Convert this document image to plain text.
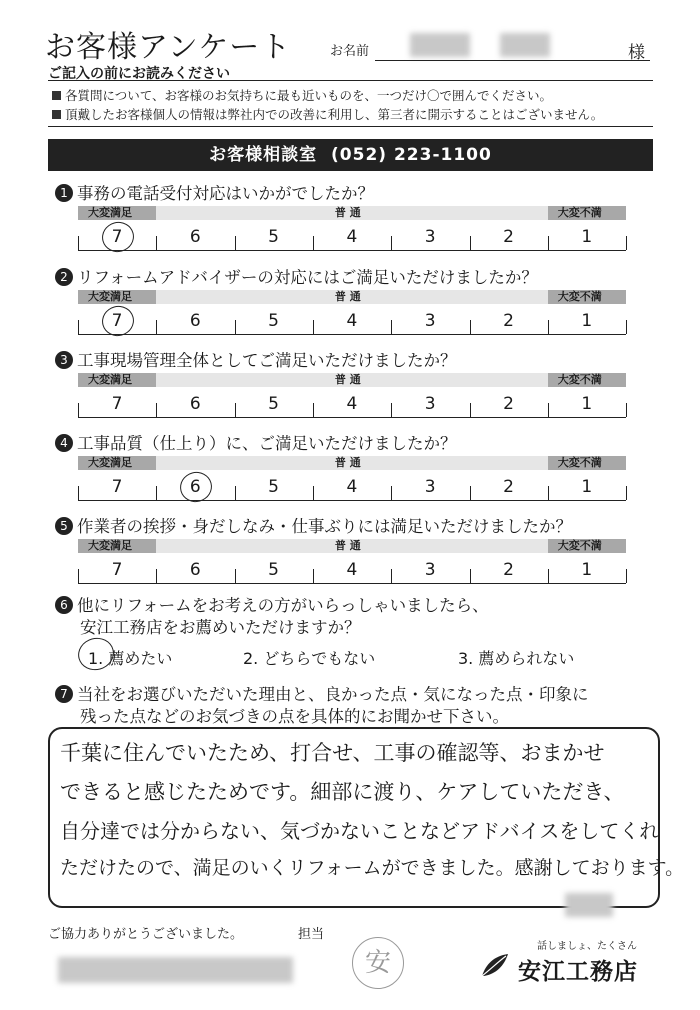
お客様アンケート	お名前	様
ご記入の前にお読みください
各質問について、お客様のお気持ちに最も近いものを、一つだけ〇で囲んでください。
頂戴したお客様個人の情報は弊社内での改善に利用し、第三者に開示することはございません。
お客様相談室 (052) 223-1100
1 事務の電話受付対応はいかがでしたか？
大変満足	普 通	大変不満
7	6	5	4	3	2	1
2 リフォームアドバイザーの対応にはご満足いただけましたか？
大変満足	普 通	大変不満
7	6	5	4	3	2	1
3 工事現場管理全体としてご満足いただけましたか？
大変満足	普 通	大変不満
7	6	5	4	3	2	1
4 工事品質（仕上り）に、ご満足いただけましたか？
大変満足	普 通	大変不満
7	6	5	4	3	2	1
5 作業者の挨拶・身だしなみ・仕事ぶりには満足いただけましたか？
大変満足	普 通	大変不満
7	6	5	4	3	2	1
6 他にリフォームをお考えの方がいらっしゃいましたら、
安江工務店をお薦めいただけますか？
1. 薦めたい	2. どちらでもない	3. 薦められない
7 当社をお選びいただいた理由と、良かった点・気になった点・印象に
残った点などのお気づきの点を具体的にお聞かせ下さい。
千葉に住んでいたため、打合せ、工事の確認等、おまかせ
できると感じたためです。細部に渡り、ケアしていただき、
自分達では分からない、気づかないことなどアドバイスをしてくれ
ただけたので、満足のいくリフォームができました。感謝しております。
ご協力ありがとうございました。	担当
安
話しましょ、たくさん
安江工務店
